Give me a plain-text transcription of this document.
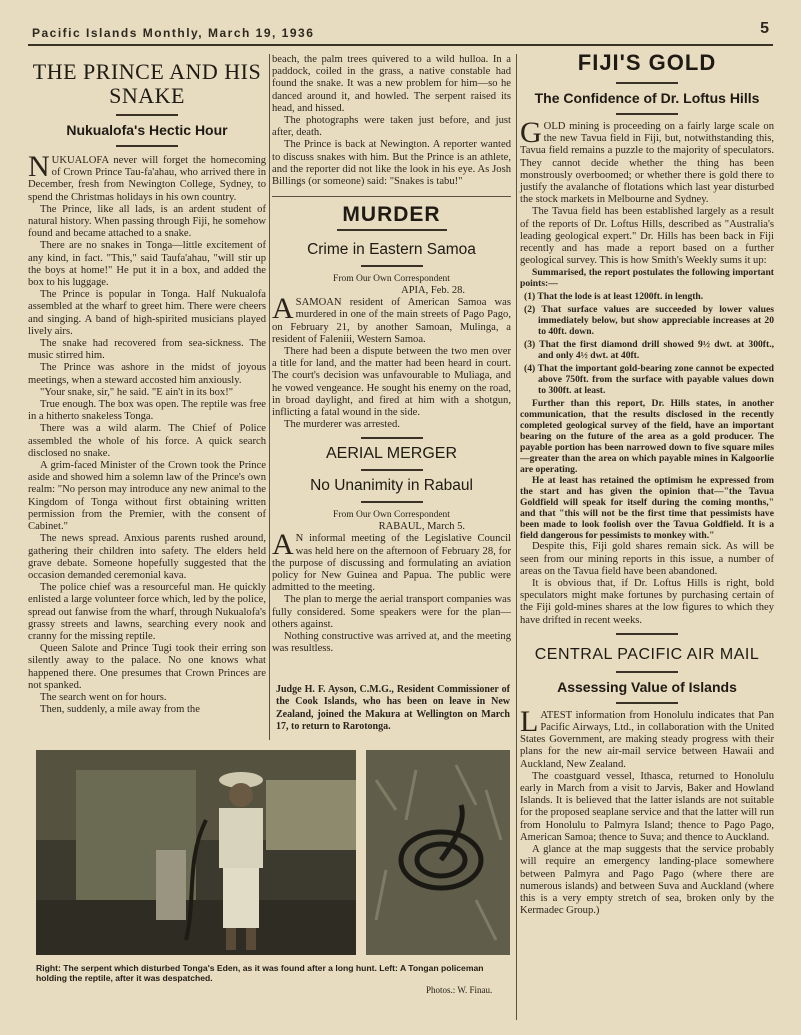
Pacific Islands Monthly, March 19, 1936	5
THE PRINCE AND HIS SNAKE
Nukualofa's Hectic Hour

NUKUALOFA never will forget the homecoming of Crown Prince Tau-fa'ahau, who arrived there in December, fresh from Newington College, Sydney, to spend the Christmas holidays in his own country.

The Prince, like all lads, is an ardent student of natural history. When passing through Fiji, he somehow found and became attached to a snake.

There are no snakes in Tonga—little excitement of any kind, in fact. "This," said Taufa'ahau, "will stir up the boys at home!" He put it in a box, and added the box to his luggage.

The Prince is popular in Tonga. Half Nukualofa assembled at the wharf to greet him. There were cheers and singing. A band of high-spirited musicians played lively airs.

The snake had recovered from sea-sickness. The music stirred him.

The Prince was ashore in the midst of joyous meetings, when a steward accosted him anxiously.

"Your snake, sir," he said. "E ain't in its box!"

True enough. The box was open. The reptile was free in a hitherto snakeless Tonga.

There was a wild alarm. The Chief of Police assembled the whole of his force. A quick search disclosed no snake.

A grim-faced Minister of the Crown took the Prince aside and showed him a solemn law of the Prince's own realm: "No person may introduce any new animal to the Kingdom of Tonga without first obtaining written permission from the Premier, with the consent of Cabinet."

The news spread. Anxious parents rushed around, gathering their children into safety. The elders held grave debate. Someone hopefully suggested that the occasion demanded ceremonial kava.

The police chief was a resourceful man. He quickly enlisted a large volunteer force which, led by the police, spread out fanwise from the wharf, through Nukualofa's grassy streets and lawns, searching every nook and cranny for the missing reptile.

Queen Salote and Prince Tugi took their erring son silently away to the palace. No one knows what happened there. One presumes that Crown Princes are not spanked.

The search went on for hours.

Then, suddenly, a mile away from the

beach, the palm trees quivered to a wild hulloa. In a paddock, coiled in the grass, a native constable had found the snake. It was a new problem for him—so he danced around it, and howled. The serpent raised its head, and hissed.

The photographs were taken just before, and just after, death.

The Prince is back at Newington. A reporter wanted to discuss snakes with him. But the Prince is an athlete, and the reporter did not like the look in his eye. As Josh Billings (or someone) said: "Snakes is tabu!"

MURDER
Crime in Eastern Samoa
From Our Own Correspondent
APIA, Feb. 28.

ASAMOAN resident of American Samoa was murdered in one of the main streets of Pago Pago, on February 21, by another Samoan, Mulinga, a resident of Faleniii, Western Samoa.

There had been a dispute between the two men over a title for land, and the matter had been heard in court. The court's decision was unfavourable to Muliaga, and he vowed vengeance. He sought his enemy on the road, in broad daylight, and fired at him with a shotgun, inflicting a fatal wound in the side.

The murderer was arrested.

AERIAL MERGER
No Unanimity in Rabaul
From Our Own Correspondent
RABAUL, March 5.

AN informal meeting of the Legislative Council was held here on the afternoon of February 28, for the purpose of discussing and formulating an aviation policy for New Guinea and Papua. The public were admitted to the meeting.

The plan to merge the aerial transport companies was fully considered. Some speakers were for the plan—others against.

Nothing constructive was arrived at, and the meeting was resultless.

Judge H. F. Ayson, C.M.G., Resident Commissioner of the Cook Islands, who has been on leave in New Zealand, joined the Makura at Wellington on March 17, to return to Rarotonga.
FIJI'S GOLD
The Confidence of Dr. Loftus Hills

GOLD mining is proceeding on a fairly large scale on the new Tavua field in Fiji, but, notwithstanding this, Tavua field remains a puzzle to the majority of speculators. They cannot decide whether the thing has been monstrously overboomed; or whether there is gold there to justify the avalanche of flotations which last year disturbed the stock markets in Melbourne and Sydney.

The Tavua field has been established largely as a result of the reports of Dr. Loftus Hills, described as "Australia's leading geological expert." Dr. Hills has been back in Fiji recently and has made a report based on a further geological survey. This is how Smith's Weekly sums it up:

Summarised, the report postulates the following important points:—

(1) That the lode is at least 1200ft. in length.
(2) That surface values are succeeded by lower values immediately below, but show appreciable increases at 20 to 40ft. down.
(3) That the first diamond drill showed 9½ dwt. at 300ft., and only 4½ dwt. at 40ft.
(4) That the important gold-bearing zone cannot be expected above 750ft. from the surface with payable values down to 300ft. at least.

Further than this report, Dr. Hills states, in another communication, that the results disclosed in the recently completed geological survey of the field, have an important bearing on the future of the area as a gold producer. The payable portion has been narrowed down to five square miles—greater than the area on which payable mines in Kalgoorlie are operating.

He at least has retained the optimism he expressed from the start and has given the opinion that—"the Tavua Goldfield will speak for itself during the coming months," and that "this will not be the first time that pessimists have been made to look foolish over the Tavua Goldfield. It is a field dangerous for pessimists to monkey with."

Despite this, Fiji gold shares remain sick. As will be seen from our mining reports in this issue, a number of areas on the Tavua field have been abandoned.

It is obvious that, if Dr. Loftus Hills is right, bold speculators might make fortunes by purchasing certain of the Fiji gold-mines shares at the low figures to which they have drifted in recent weeks.

CENTRAL PACIFIC AIR MAIL
Assessing Value of Islands

LATEST information from Honolulu indicates that Pan Pacific Airways, Ltd., in collaboration with the United States Government, are making steady progress with their plans for the new air-mail service between Hawaii and Auckland, New Zealand.

The coastguard vessel, Ithasca, returned to Honolulu early in March from a visit to Jarvis, Baker and Howland Islands. It is believed that the latter islands are not suitable for the proposed seaplane service and that the latter will run from Honolulu to Palmyra Island; thence to Pago Pago, American Samoa; thence to Suva; and thence to Auckland.

A glance at the map suggests that the service probably will require an emergency landing-place somewhere between Palmyra and Pago Pago (where there are numerous islands) and between Suva and Auckland (where this is a very empty stretch of sea, broken only by the Kermadec Group.)

Right: The serpent which disturbed Tonga's Eden, as it was found after a long hunt. Left: A Tongan policeman holding the reptile, after it was despatched.
Photos.: W. Finau.
